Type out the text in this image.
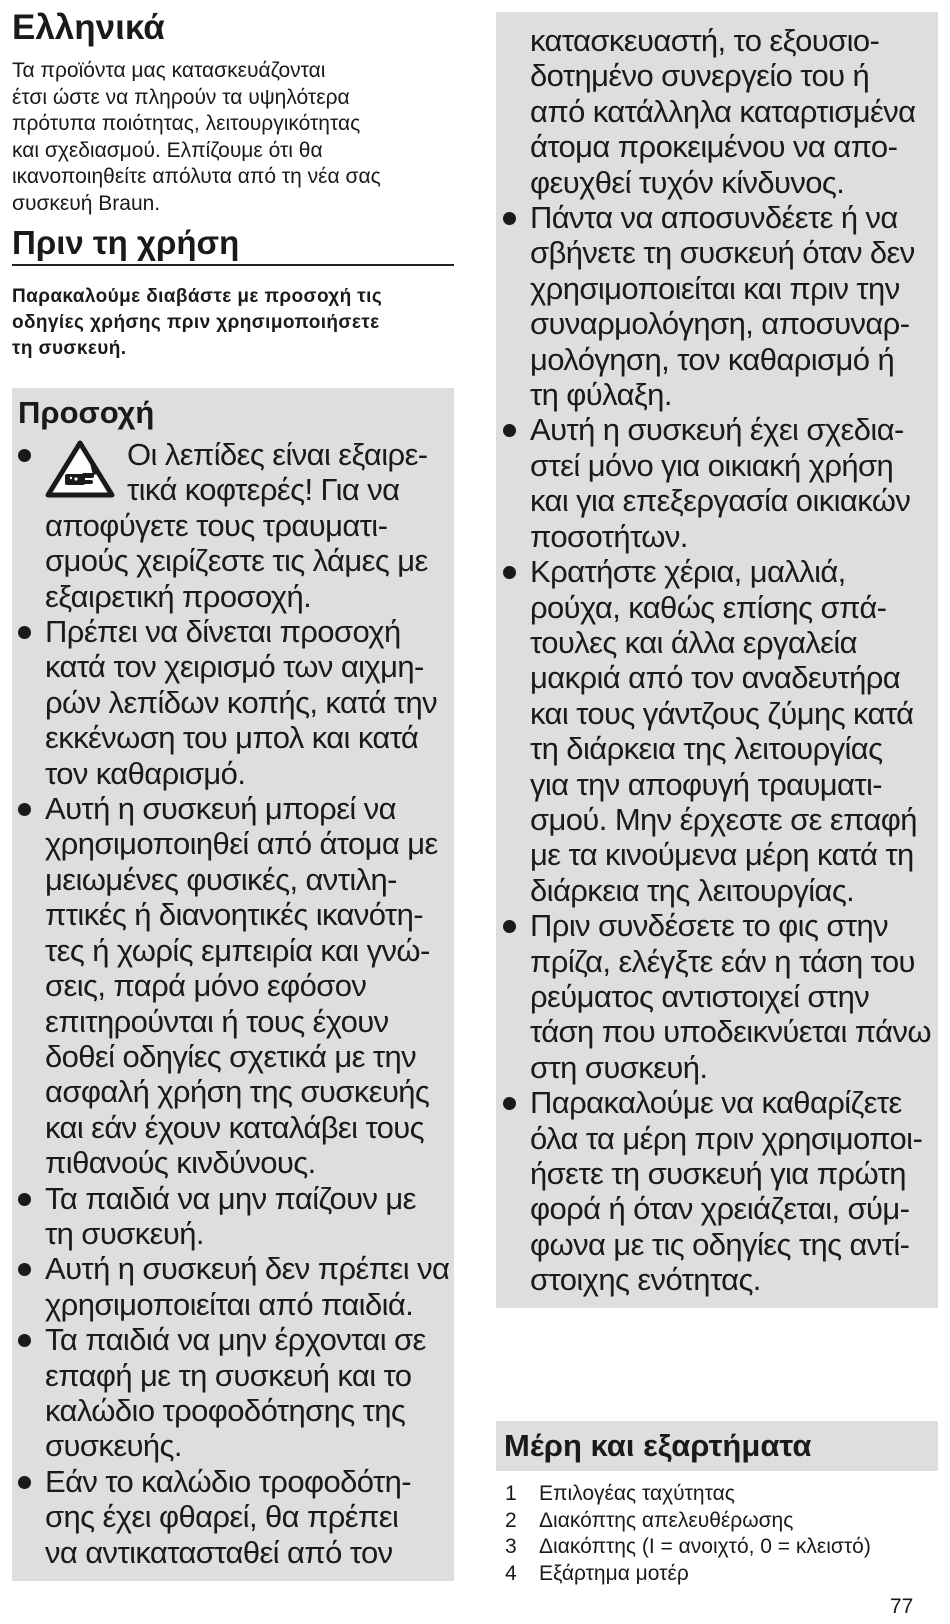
Ελληνικά

Τα προϊόντα μας κατασκευάζονται
έτσι ώστε να πληρούν τα υψηλότερα
πρότυπα ποιότητας, λειτουργικότητας
και σχεδιασμού. Ελπίζουμε ότι θα
ικανοποιηθείτε απόλυτα από τη νέα σας
συσκευή Braun.

Πριν τη χρήση

Παρακαλούμε διαβάστε με προσοχή τις
οδηγίες χρήσης πριν χρησιμοποιήσετε
τη συσκευή.

Προσοχή
Οι λεπίδες είναι εξαιρε-
τικά κοφτερές! Για να
αποφύγετε τους τραυματι-
σμούς χειρίζεστε τις λάμες με
εξαιρετική προσοχή.
Πρέπει να δίνεται προσοχή
κατά τον χειρισμό των αιχμη-
ρών λεπίδων κοπής, κατά την
εκκένωση του μπολ και κατά
τον καθαρισμό.
Αυτή η συσκευή μπορεί να
χρησιμοποιηθεί από άτομα με
μειωμένες φυσικές, αντιλη-
πτικές ή διανοητικές ικανότη-
τες ή χωρίς εμπειρία και γνώ-
σεις, παρά μόνο εφόσον
επιτηρούνται ή τους έχουν
δοθεί οδηγίες σχετικά με την
ασφαλή χρήση της συσκευής
και εάν έχουν καταλάβει τους
πιθανούς κινδύνους.
Τα παιδιά να μην παίζουν με
τη συσκευή.
Αυτή η συσκευή δεν πρέπει να
χρησιμοποιείται από παιδιά.
Τα παιδιά να μην έρχονται σε
επαφή με τη συσκευή και το
καλώδιο τροφοδότησης της
συσκευής.
Εάν το καλώδιο τροφοδότη-
σης έχει φθαρεί, θα πρέπει
να αντικατασταθεί από τον
κατασκευαστή, το εξουσιο-
δοτημένο συνεργείο του ή
από κατάλληλα καταρτισμένα
άτομα προκειμένου να απο-
φευχθεί τυχόν κίνδυνος.
Πάντα να αποσυνδέετε ή να
σβήνετε τη συσκευή όταν δεν
χρησιμοποιείται και πριν την
συναρμολόγηση, αποσυναρ-
μολόγηση, τον καθαρισμό ή
τη φύλαξη.
Αυτή η συσκευή έχει σχεδια-
στεί μόνο για οικιακή χρήση
και για επεξεργασία οικιακών
ποσοτήτων.
Κρατήστε χέρια, μαλλιά,
ρούχα, καθώς επίσης σπά-
τουλες και άλλα εργαλεία
μακριά από τον αναδευτήρα
και τους γάντζους ζύμης κατά
τη διάρκεια της λειτουργίας
για την αποφυγή τραυματι-
σμού. Μην έρχεστε σε επαφή
με τα κινούμενα μέρη κατά τη
διάρκεια της λειτουργίας.
Πριν συνδέσετε το φις στην
πρίζα, ελέγξτε εάν η τάση του
ρεύματος αντιστοιχεί στην
τάση που υποδεικνύεται πάνω
στη συσκευή.
Παρακαλούμε να καθαρίζετε
όλα τα μέρη πριν χρησιμοποι-
ήσετε τη συσκευή για πρώτη
φορά ή όταν χρειάζεται, σύμ-
φωνα με τις οδηγίες της αντί-
στοιχης ενότητας.
Μέρη και εξαρτήματα
1	Επιλογέας ταχύτητας
2	Διακόπτης απελευθέρωσης
3	Διακόπτης (I = ανοιχτό, 0 = κλειστό)
4	Εξάρτημα μοτέρ
77
